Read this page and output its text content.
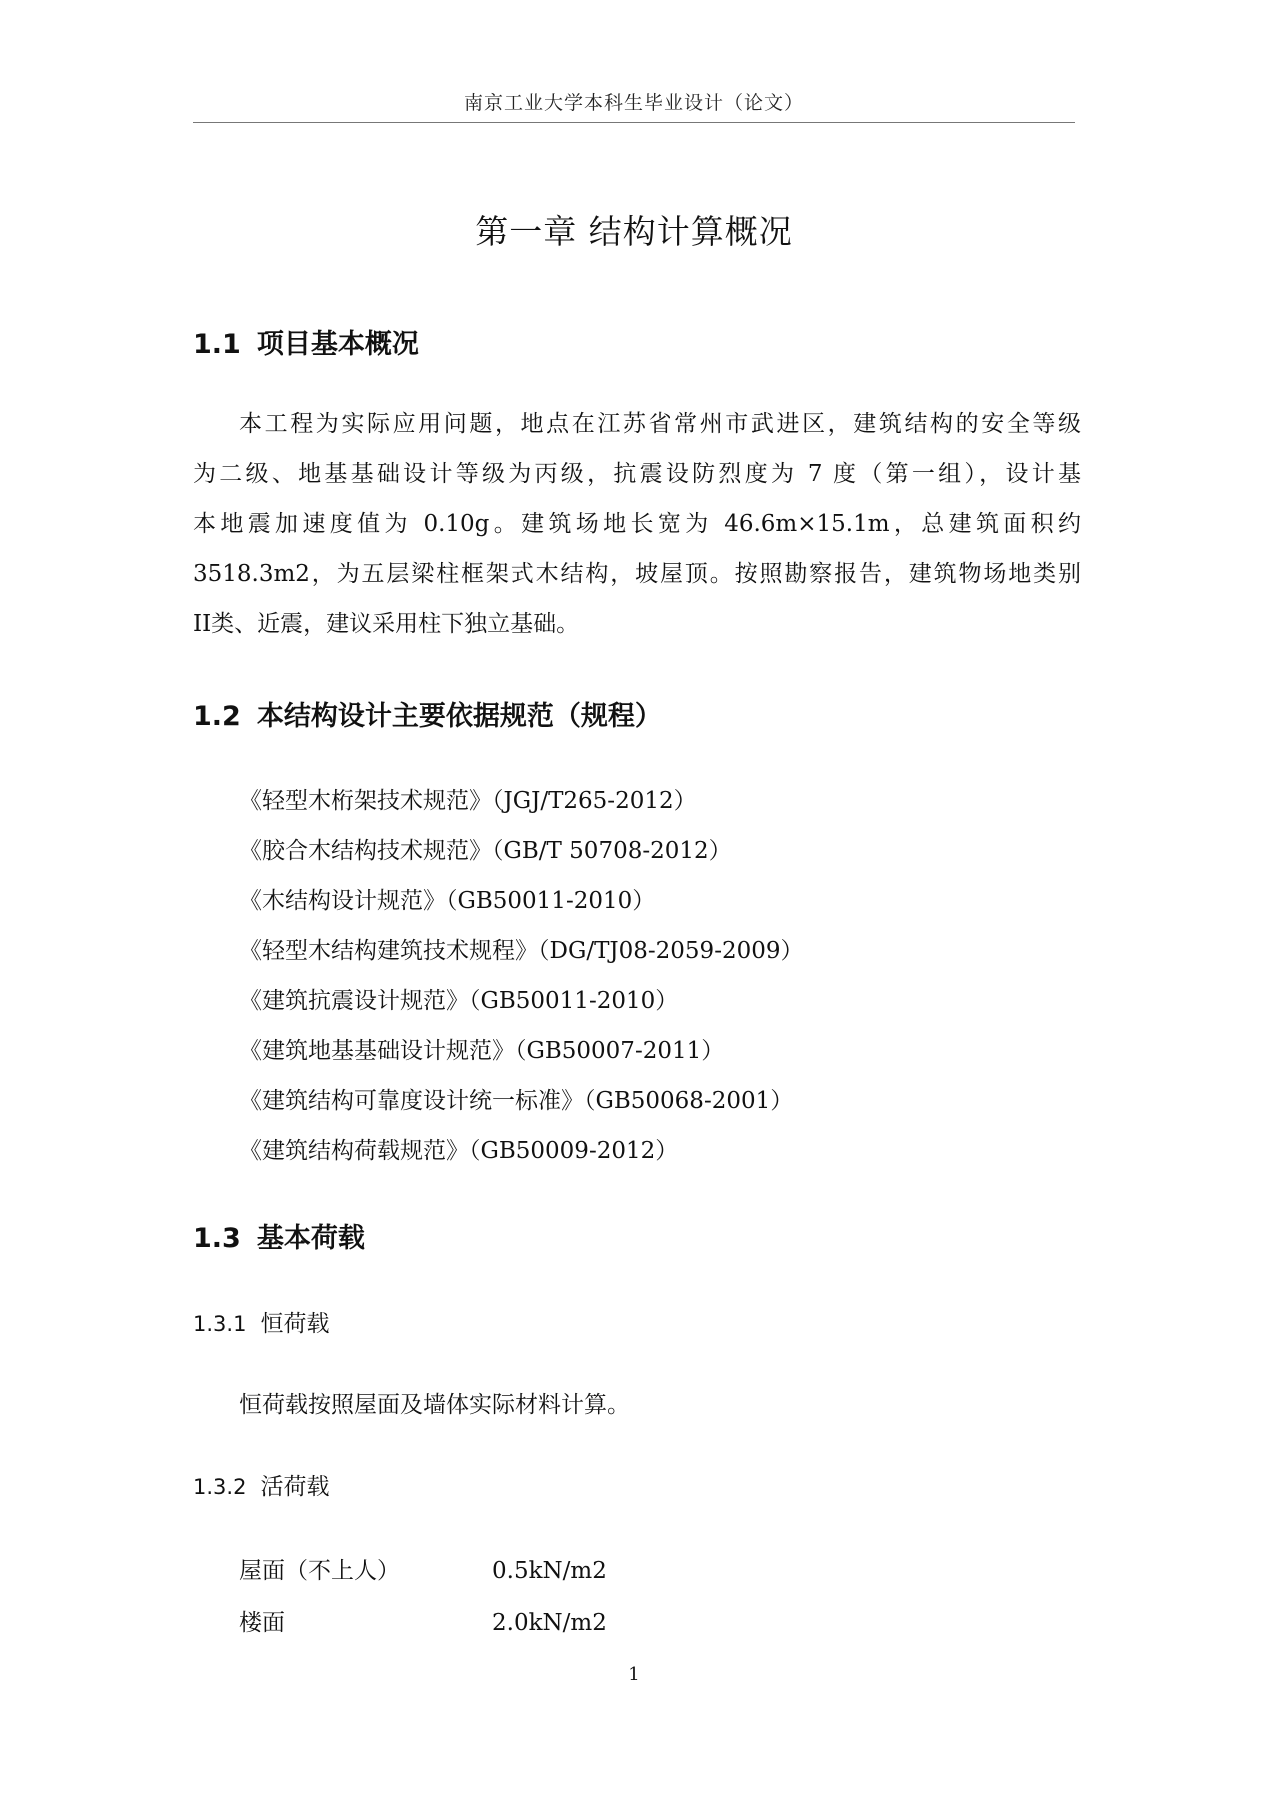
南京工业大学本科生毕业设计（论文）
第一章 结构计算概况
1.1 项目基本概况
本工程为实际应用问题，地点在江苏省常州市武进区，建筑结构的安全等级
为二级、地基基础设计等级为丙级，抗震设防烈度为 7 度（第一组），设计基
本地震加速度值为 0.10g。建筑场地长宽为 46.6m×15.1m，总建筑面积约
3518.3m2，为五层梁柱框架式木结构，坡屋顶。按照勘察报告，建筑物场地类别
II类、近震，建议采用柱下独立基础。
1.2 本结构设计主要依据规范（规程）
《轻型木桁架技术规范》（JGJ/T265-2012）
《胶合木结构技术规范》（GB/T 50708-2012）
《木结构设计规范》（GB50011-2010）
《轻型木结构建筑技术规程》（DG/TJ08-2059-2009）
《建筑抗震设计规范》（GB50011-2010）
《建筑地基基础设计规范》（GB50007-2011）
《建筑结构可靠度设计统一标准》（GB50068-2001）
《建筑结构荷载规范》（GB50009-2012）
1.3 基本荷载
1.3.1 恒荷载
恒荷载按照屋面及墙体实际材料计算。
1.3.2 活荷载
屋面（不上人）	0.5kN/m2
楼面	2.0kN/m2
1
